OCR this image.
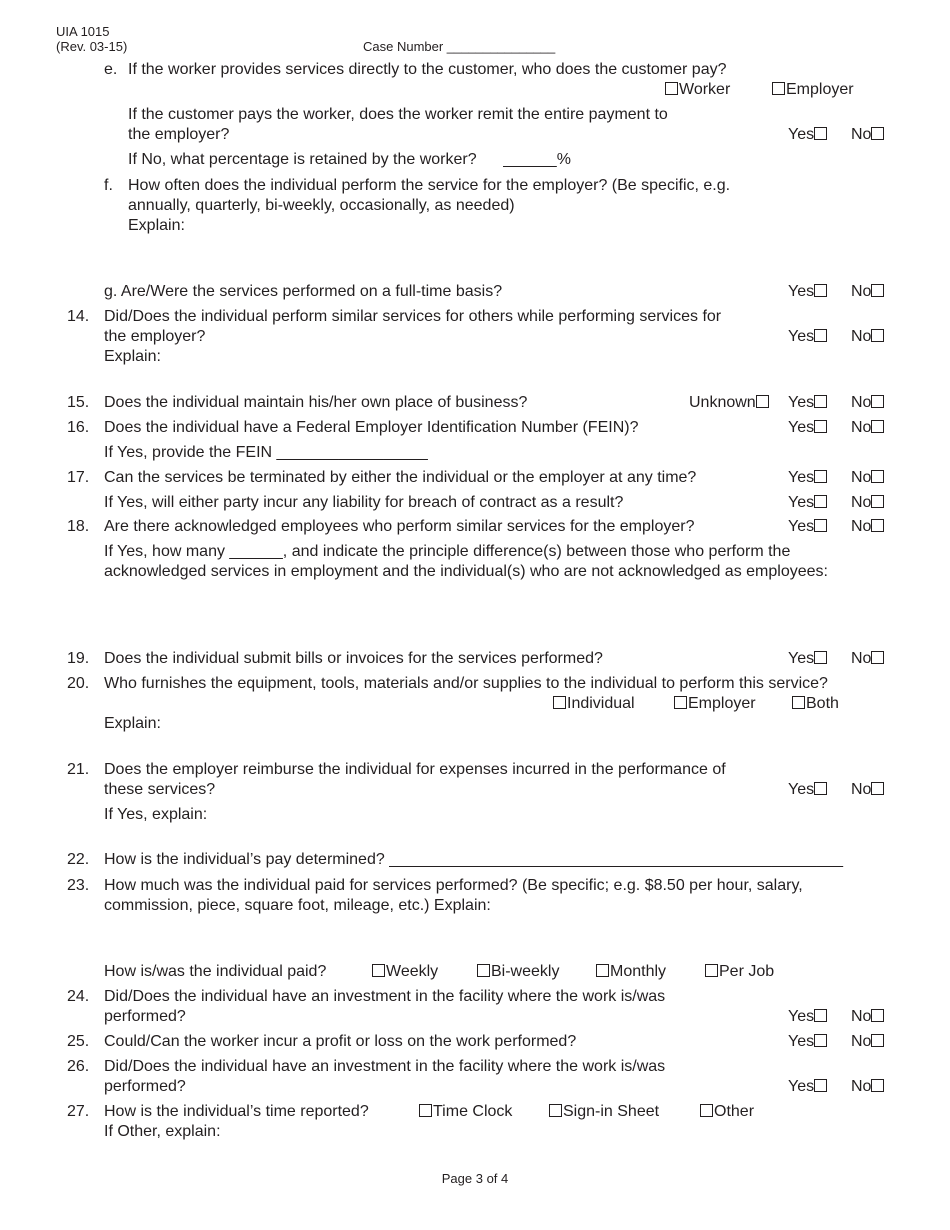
UIA 1015
(Rev. 03-15)	Case Number _______________
e. If the worker provides services directly to the customer, who does the customer pay?
Worker	Employer
If the customer pays the worker, does the worker remit the entire payment to
the employer?	Yes	No
If No, what percentage is retained by the worker?      ______%
f. How often does the individual perform the service for the employer? (Be specific, e.g.
annually, quarterly, bi-weekly, occasionally, as needed)
Explain:
g. Are/Were the services performed on a full-time basis?	Yes	No
14. Did/Does the individual perform similar services for others while performing services for
the employer?	Yes	No
Explain:
15. Does the individual maintain his/her own place of business?	Unknown	Yes	No
16. Does the individual have a Federal Employer Identification Number (FEIN)?	Yes	No
If Yes, provide the FEIN _________________
17. Can the services be terminated by either the individual or the employer at any time?	Yes	No
If Yes, will either party incur any liability for breach of contract as a result?	Yes	No
18. Are there acknowledged employees who perform similar services for the employer?	Yes	No
If Yes, how many ______, and indicate the principle difference(s) between those who perform the
acknowledged services in employment and the individual(s) who are not acknowledged as employees:
19. Does the individual submit bills or invoices for the services performed?	Yes	No
20. Who furnishes the equipment, tools, materials and/or supplies to the individual to perform this service?
Individual	Employer	Both
Explain:
21. Does the employer reimburse the individual for expenses incurred in the performance of
these services?	Yes	No
If Yes, explain:
22. How is the individual’s pay determined? ___________________________________________________
23. How much was the individual paid for services performed? (Be specific; e.g. $8.50 per hour, salary,
commission, piece, square foot, mileage, etc.) Explain:
How is/was the individual paid?	Weekly	Bi-weekly	Monthly	Per Job
24. Did/Does the individual have an investment in the facility where the work is/was
performed?	Yes	No
25. Could/Can the worker incur a profit or loss on the work performed?	Yes	No
26. Did/Does the individual have an investment in the facility where the work is/was
performed?	Yes	No
27. How is the individual’s time reported?	Time Clock	Sign-in Sheet	Other
If Other, explain:
Page 3 of 4
